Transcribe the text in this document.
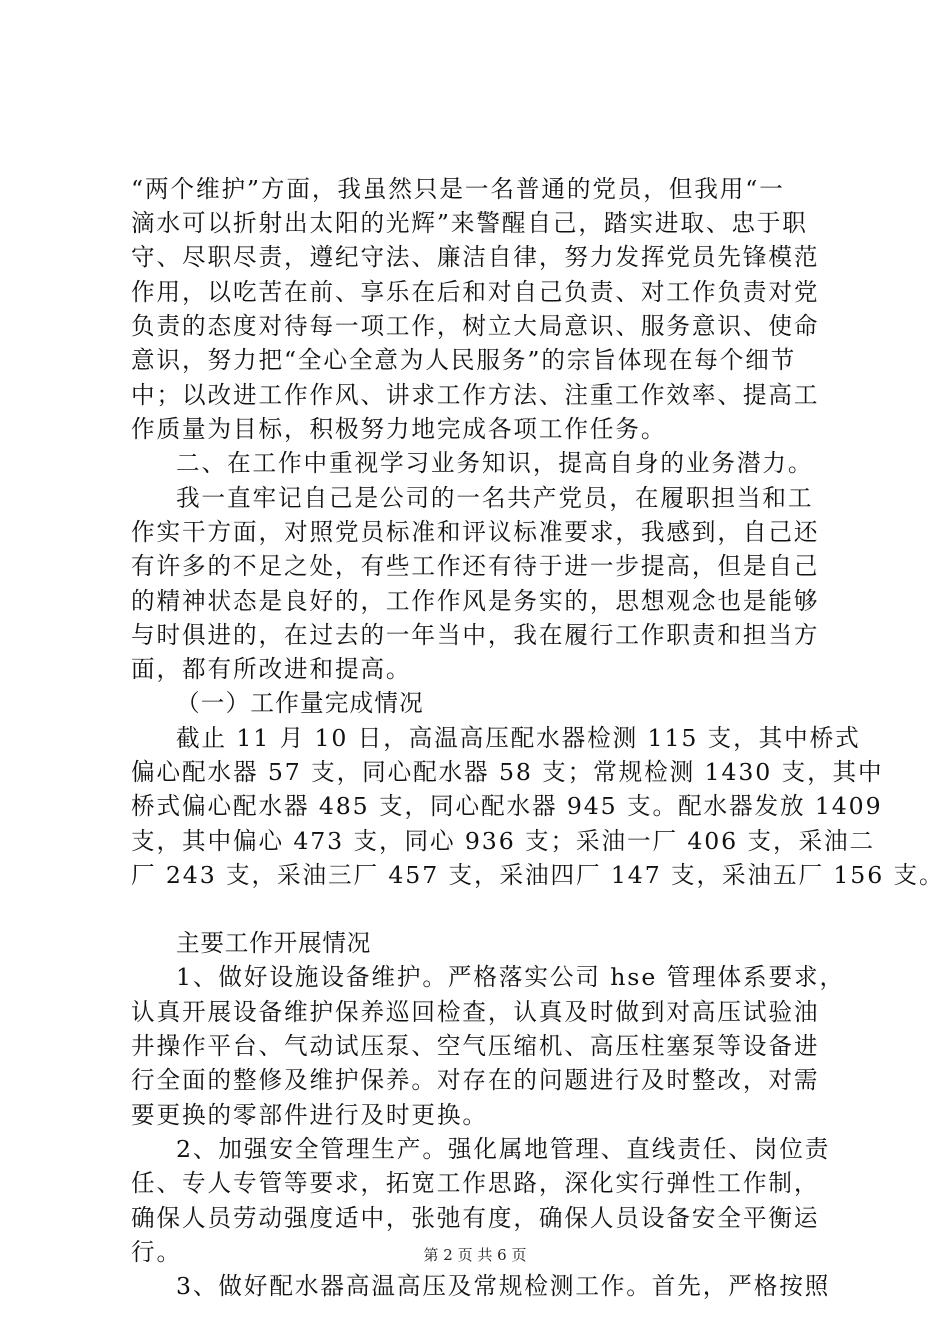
“两个维护”方面，我虽然只是一名普通的党员，但我用“一
滴水可以折射出太阳的光辉”来警醒自己，踏实进取、忠于职
守、尽职尽责，遵纪守法、廉洁自律，努力发挥党员先锋模范
作用，以吃苦在前、享乐在后和对自己负责、对工作负责对党
负责的态度对待每一项工作，树立大局意识、服务意识、使命
意识，努力把“全心全意为人民服务”的宗旨体现在每个细节
中；以改进工作作风、讲求工作方法、注重工作效率、提高工
作质量为目标，积极努力地完成各项工作任务。
二、在工作中重视学习业务知识，提高自身的业务潜力。
我一直牢记自己是公司的一名共产党员，在履职担当和工
作实干方面，对照党员标准和评议标准要求，我感到，自己还
有许多的不足之处，有些工作还有待于进一步提高，但是自己
的精神状态是良好的，工作作风是务实的，思想观念也是能够
与时俱进的，在过去的一年当中，我在履行工作职责和担当方
面，都有所改进和提高。
（一）工作量完成情况
截止 11 月 10 日，高温高压配水器检测 115 支，其中桥式
偏心配水器 57 支，同心配水器 58 支；常规检测 1430 支，其中
桥式偏心配水器 485 支，同心配水器 945 支。配水器发放 1409
支，其中偏心 473 支，同心 936 支；采油一厂 406 支，采油二
厂 243 支，采油三厂 457 支，采油四厂 147 支，采油五厂 156 支。
主要工作开展情况
1、做好设施设备维护。严格落实公司 hse 管理体系要求，
认真开展设备维护保养巡回检查，认真及时做到对高压试验油
井操作平台、气动试压泵、空气压缩机、高压柱塞泵等设备进
行全面的整修及维护保养。对存在的问题进行及时整改，对需
要更换的零部件进行及时更换。
2、加强安全管理生产。强化属地管理、直线责任、岗位责
任、专人专管等要求，拓宽工作思路，深化实行弹性工作制，
确保人员劳动强度适中，张弛有度，确保人员设备安全平衡运
行。
3、做好配水器高温高压及常规检测工作。首先，严格按照
第 2 页 共 6 页
